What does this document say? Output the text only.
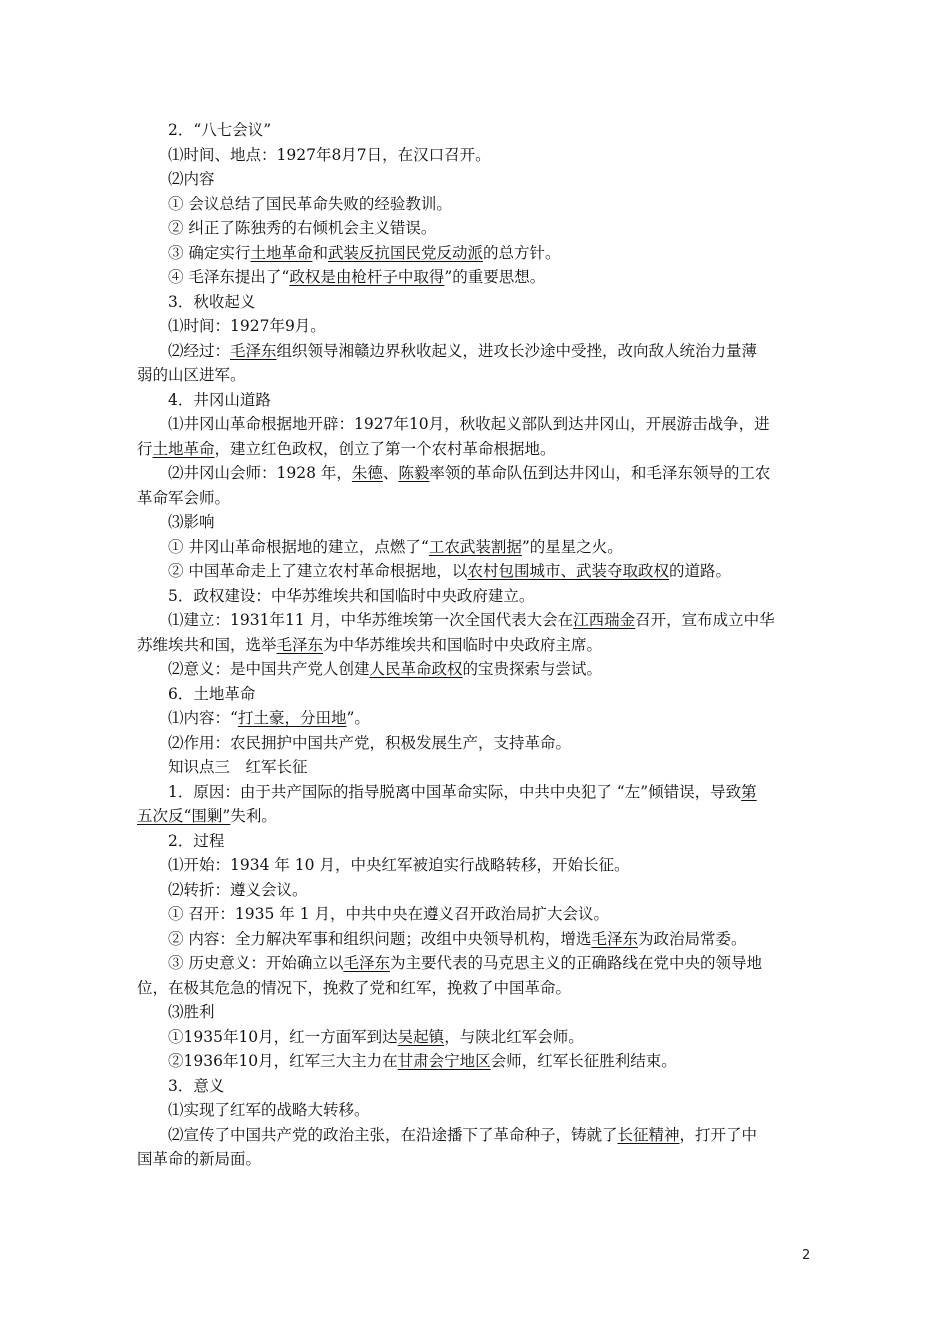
2．“八七会议”
⑴时间、地点：1927年8月7日，在汉口召开。
⑵内容
① 会议总结了国民革命失败的经验教训。
② 纠正了陈独秀的右倾机会主义错误。
③ 确定实行土地革命和武装反抗国民党反动派的总方针。
④ 毛泽东提出了“政权是由枪杆子中取得”的重要思想。
3．秋收起义
⑴时间：1927年9月。
⑵经过：毛泽东组织领导湘赣边界秋收起义，进攻长沙途中受挫，改向敌人统治力量薄
弱的山区进军。
4．井冈山道路
⑴井冈山革命根据地开辟：1927年10月，秋收起义部队到达井冈山，开展游击战争，进
行土地革命，建立红色政权，创立了第一个农村革命根据地。
⑵井冈山会师：1928 年，朱德、陈毅率领的革命队伍到达井冈山，和毛泽东领导的工农
革命军会师。
⑶影响
① 井冈山革命根据地的建立，点燃了“工农武装割据”的星星之火。
② 中国革命走上了建立农村革命根据地，以农村包围城市、武装夺取政权的道路。
5．政权建设：中华苏维埃共和国临时中央政府建立。
⑴建立：1931年11 月，中华苏维埃第一次全国代表大会在江西瑞金召开，宣布成立中华
苏维埃共和国，选举毛泽东为中华苏维埃共和国临时中央政府主席。
⑵意义：是中国共产党人创建人民革命政权的宝贵探索与尝试。
6．土地革命
⑴内容：“打土豪，分田地”。
⑵作用：农民拥护中国共产党，积极发展生产，支持革命。
知识点三　红军长征
1．原因：由于共产国际的指导脱离中国革命实际，中共中央犯了 “左”倾错误，导致第
五次反“围剿”失利。
2．过程
⑴开始：1934 年 10 月，中央红军被迫实行战略转移，开始长征。
⑵转折：遵义会议。
① 召开：1935 年 1 月，中共中央在遵义召开政治局扩大会议。
② 内容：全力解决军事和组织问题；改组中央领导机构，增选毛泽东为政治局常委。
③ 历史意义：开始确立以毛泽东为主要代表的马克思主义的正确路线在党中央的领导地
位，在极其危急的情况下，挽救了党和红军，挽救了中国革命。
⑶胜利
①1935年10月，红一方面军到达吴起镇，与陕北红军会师。
②1936年10月，红军三大主力在甘肃会宁地区会师，红军长征胜利结束。
3．意义
⑴实现了红军的战略大转移。
⑵宣传了中国共产党的政治主张，在沿途播下了革命种子，铸就了长征精神，打开了中
国革命的新局面。
2
